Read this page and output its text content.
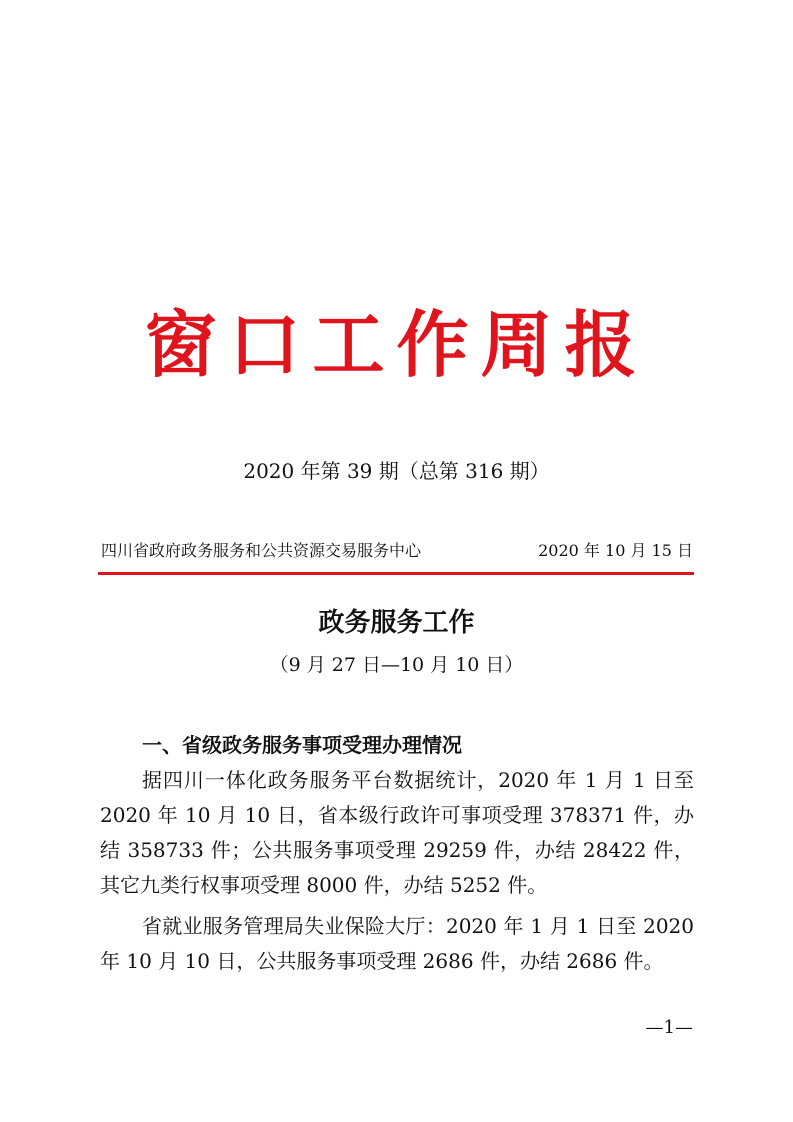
窗口工作周报
2020 年第 39 期（总第 316 期）
四川省政府政务服务和公共资源交易服务中心	2020 年 10 月 15 日
政务服务工作
（9 月 27 日—10 月 10 日）

一、省级政务服务事项受理办理情况

据四川一体化政务服务平台数据统计，2020 年 1 月 1 日至 2020 年 10 月 10 日，省本级行政许可事项受理 378371 件，办结 358733 件；公共服务事项受理 29259 件，办结 28422 件，其它九类行权事项受理 8000 件，办结 5252 件。

省就业服务管理局失业保险大厅：2020 年 1 月 1 日至 2020 年 10 月 10 日，公共服务事项受理 2686 件，办结 2686 件。

—1—
